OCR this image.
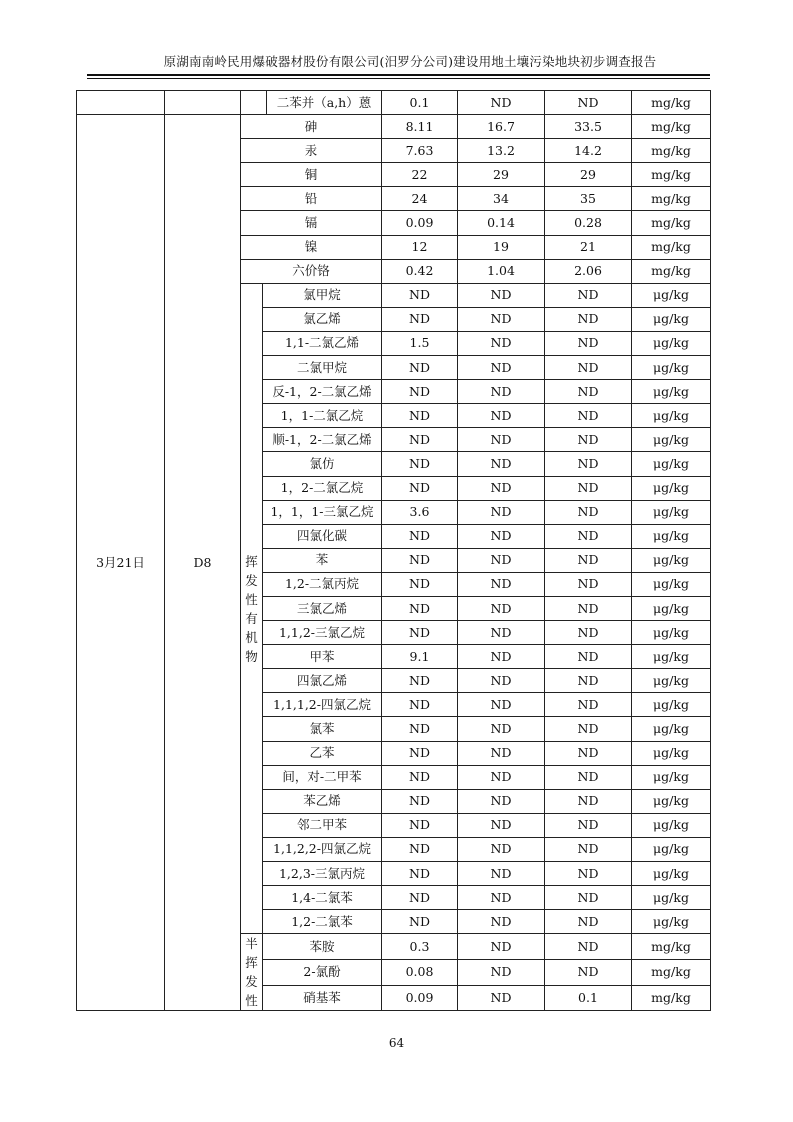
原湖南南岭民用爆破器材股份有限公司(汨罗分公司)建设用地土壤污染地块初步调查报告
				二苯并（a,h）蒽	0.1	ND	ND	mg/kg
3月21日	D8	砷			8.11	16.7	33.5	mg/kg
		汞			7.63	13.2	14.2	mg/kg
		铜			22	29	29	mg/kg
		铅			24	34	35	mg/kg
		镉			0.09	0.14	0.28	mg/kg
		镍			12	19	21	mg/kg
		六价铬			0.42	1.04	2.06	mg/kg
		挥发性有机物	氯甲烷		ND	ND	ND	μg/kg
			氯乙烯		ND	ND	ND	μg/kg
			1,1-二氯乙烯		1.5	ND	ND	μg/kg
			二氯甲烷		ND	ND	ND	μg/kg
			反-1，2-二氯乙烯		ND	ND	ND	μg/kg
			1，1-二氯乙烷		ND	ND	ND	μg/kg
			顺-1，2-二氯乙烯		ND	ND	ND	μg/kg
			氯仿		ND	ND	ND	μg/kg
			1，2-二氯乙烷		ND	ND	ND	μg/kg
			1，1，1-三氯乙烷		3.6	ND	ND	μg/kg
			四氯化碳		ND	ND	ND	μg/kg
			苯		ND	ND	ND	μg/kg
			1,2-二氯丙烷		ND	ND	ND	μg/kg
			三氯乙烯		ND	ND	ND	μg/kg
			1,1,2-三氯乙烷		ND	ND	ND	μg/kg
			甲苯		9.1	ND	ND	μg/kg
			四氯乙烯		ND	ND	ND	μg/kg
			1,1,1,2-四氯乙烷		ND	ND	ND	μg/kg
			氯苯		ND	ND	ND	μg/kg
			乙苯		ND	ND	ND	μg/kg
			间，对-二甲苯		ND	ND	ND	μg/kg
			苯乙烯		ND	ND	ND	μg/kg
			邻二甲苯		ND	ND	ND	μg/kg
			1,1,2,2-四氯乙烷		ND	ND	ND	μg/kg
			1,2,3-三氯丙烷		ND	ND	ND	μg/kg
			1,4-二氯苯		ND	ND	ND	μg/kg
			1,2-二氯苯		ND	ND	ND	μg/kg
		半挥发性	苯胺		0.3	ND	ND	mg/kg
			2-氯酚		0.08	ND	ND	mg/kg
			硝基苯		0.09	ND	0.1	mg/kg
64
